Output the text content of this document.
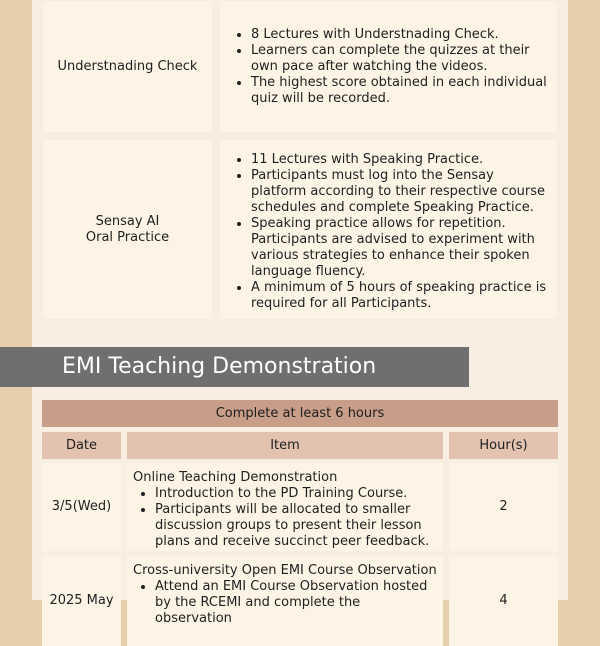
Understnading Check
• 8 Lectures with Understnading Check.
• Learners can complete the quizzes at their own pace after watching the videos.
• The highest score obtained in each individual quiz will be recorded.
Sensay AI
Oral Practice
• 11 Lectures with Speaking Practice.
• Participants must log into the Sensay platform according to their respective course schedules and complete Speaking Practice.
• Speaking practice allows for repetition. Participants are advised to experiment with various strategies to enhance their spoken language fluency.
• A minimum of 5 hours of speaking practice is required for all Participants.
EMI Teaching Demonstration
Complete at least 6 hours
Date	Item	Hour(s)
3/5(Wed)

Online Teaching Demonstration

• Introduction to the PD Training Course.
• Participants will be allocated to smaller discussion groups to present their lesson plans and receive succinct peer feedback.
2
2025 May

Cross-university Open EMI Course Observation

• Attend an EMI Course Observation hosted by the RCEMI and complete the observation
4
